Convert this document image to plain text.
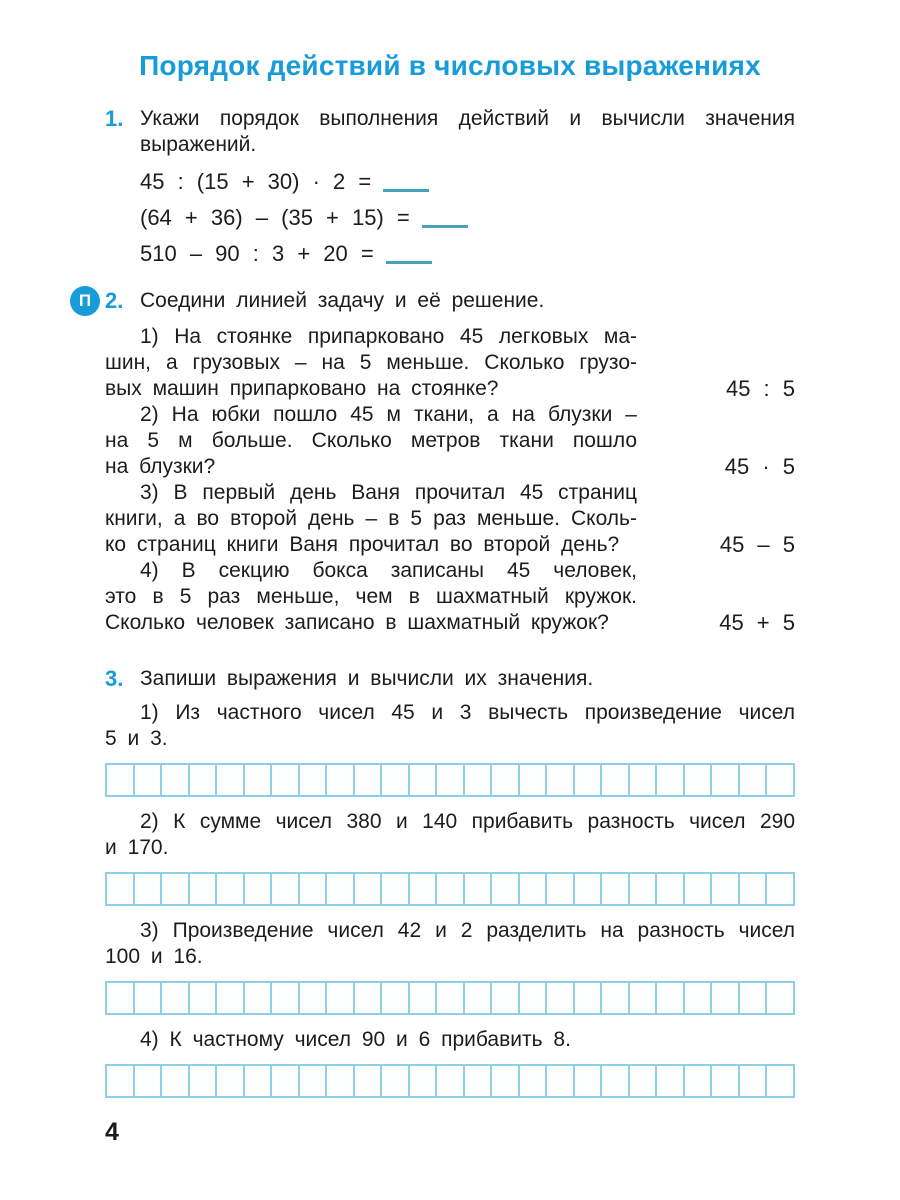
Порядок действий в числовых выражениях
1. Укажи порядок выполнения действий и вычисли значения
выражений.
45 : (15 + 30) · 2 =
(64 + 36) – (35 + 15) =
510 – 90 : 3 + 20 =
П 2. Соедини линией задачу и её решение.
1) На стоянке припарковано 45 легковых ма-
шин, а грузовых – на 5 меньше. Сколько грузо-
вых машин припарковано на стоянке?	45 : 5
2) На юбки пошло 45 м ткани, а на блузки –
на 5 м больше. Сколько метров ткани пошло
на блузки?	45 · 5
3) В первый день Ваня прочитал 45 страниц
книги, а во второй день – в 5 раз меньше. Сколь-
ко страниц книги Ваня прочитал во второй день?	45 – 5
4) В секцию бокса записаны 45 человек,
это в 5 раз меньше, чем в шахматный кружок.
Сколько человек записано в шахматный кружок?	45 + 5
3. Запиши выражения и вычисли их значения.
1) Из частного чисел 45 и 3 вычесть произведение чисел
5 и 3.
2) К сумме чисел 380 и 140 прибавить разность чисел 290
и 170.
3) Произведение чисел 42 и 2 разделить на разность чисел
100 и 16.
4) К частному чисел 90 и 6 прибавить 8.
4
